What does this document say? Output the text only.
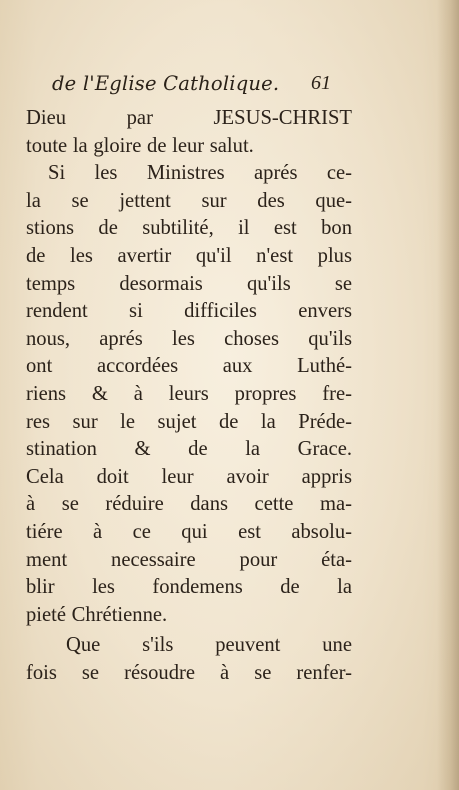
de l'Eglise Catholique.	61
Dieu par JESUS-CHRIST
toute la gloire de leur salut.
Si les Ministres aprés ce-
la se jettent sur des que-
stions de subtilité, il est bon
de les avertir qu'il n'est plus
temps desormais qu'ils se
rendent si difficiles envers
nous, aprés les choses qu'ils
ont accordées aux Luthé-
riens & à leurs propres fre-
res sur le sujet de la Préde-
stination & de la Grace.
Cela doit leur avoir appris
à se réduire dans cette ma-
tiére à ce qui est absolu-
ment necessaire pour éta-
blir les fondemens de la
pieté Chrétienne.
Que s'ils peuvent une
fois se résoudre à se renfer-
